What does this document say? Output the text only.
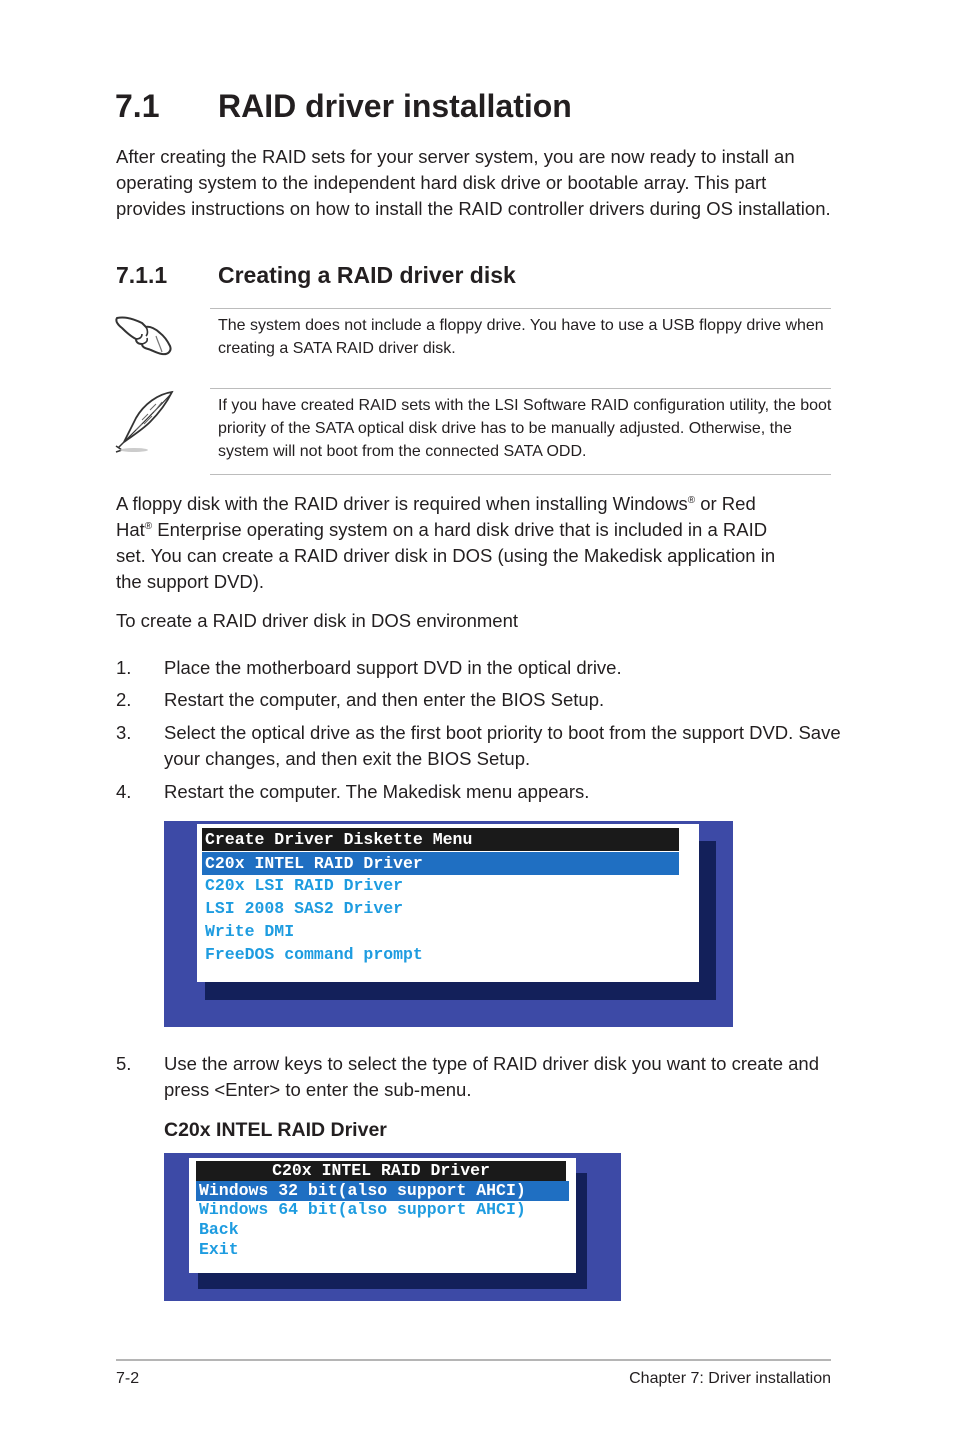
7.1 RAID driver installation
After creating the RAID sets for your server system, you are now ready to install an operating system to the independent hard disk drive or bootable array. This part provides instructions on how to install the RAID controller drivers during OS installation.
7.1.1 Creating a RAID driver disk
The system does not include a floppy drive. You have to use a USB floppy drive when creating a SATA RAID driver disk.
If you have created RAID sets with the LSI Software RAID configuration utility, the boot priority of the SATA optical disk drive has to be manually adjusted. Otherwise, the system will not boot from the connected SATA ODD.
A floppy disk with the RAID driver is required when installing Windows® or Red Hat® Enterprise operating system on a hard disk drive that is included in a RAID set. You can create a RAID driver disk in DOS (using the Makedisk application in the support DVD).
To create a RAID driver disk in DOS environment
1. Place the motherboard support DVD in the optical drive.
2. Restart the computer, and then enter the BIOS Setup.
3. Select the optical drive as the first boot priority to boot from the support DVD. Save your changes, and then exit the BIOS Setup.
4. Restart the computer. The Makedisk menu appears.
Create Driver Diskette Menu
C20x INTEL RAID Driver
C20x LSI RAID Driver
LSI 2008 SAS2 Driver
Write DMI
FreeDOS command prompt
5. Use the arrow keys to select the type of RAID driver disk you want to create and press <Enter> to enter the sub-menu.
C20x INTEL RAID Driver
C20x INTEL RAID Driver
Windows 32 bit(also support AHCI)
Windows 64 bit(also support AHCI)
Back
Exit
7-2	Chapter 7: Driver installation
